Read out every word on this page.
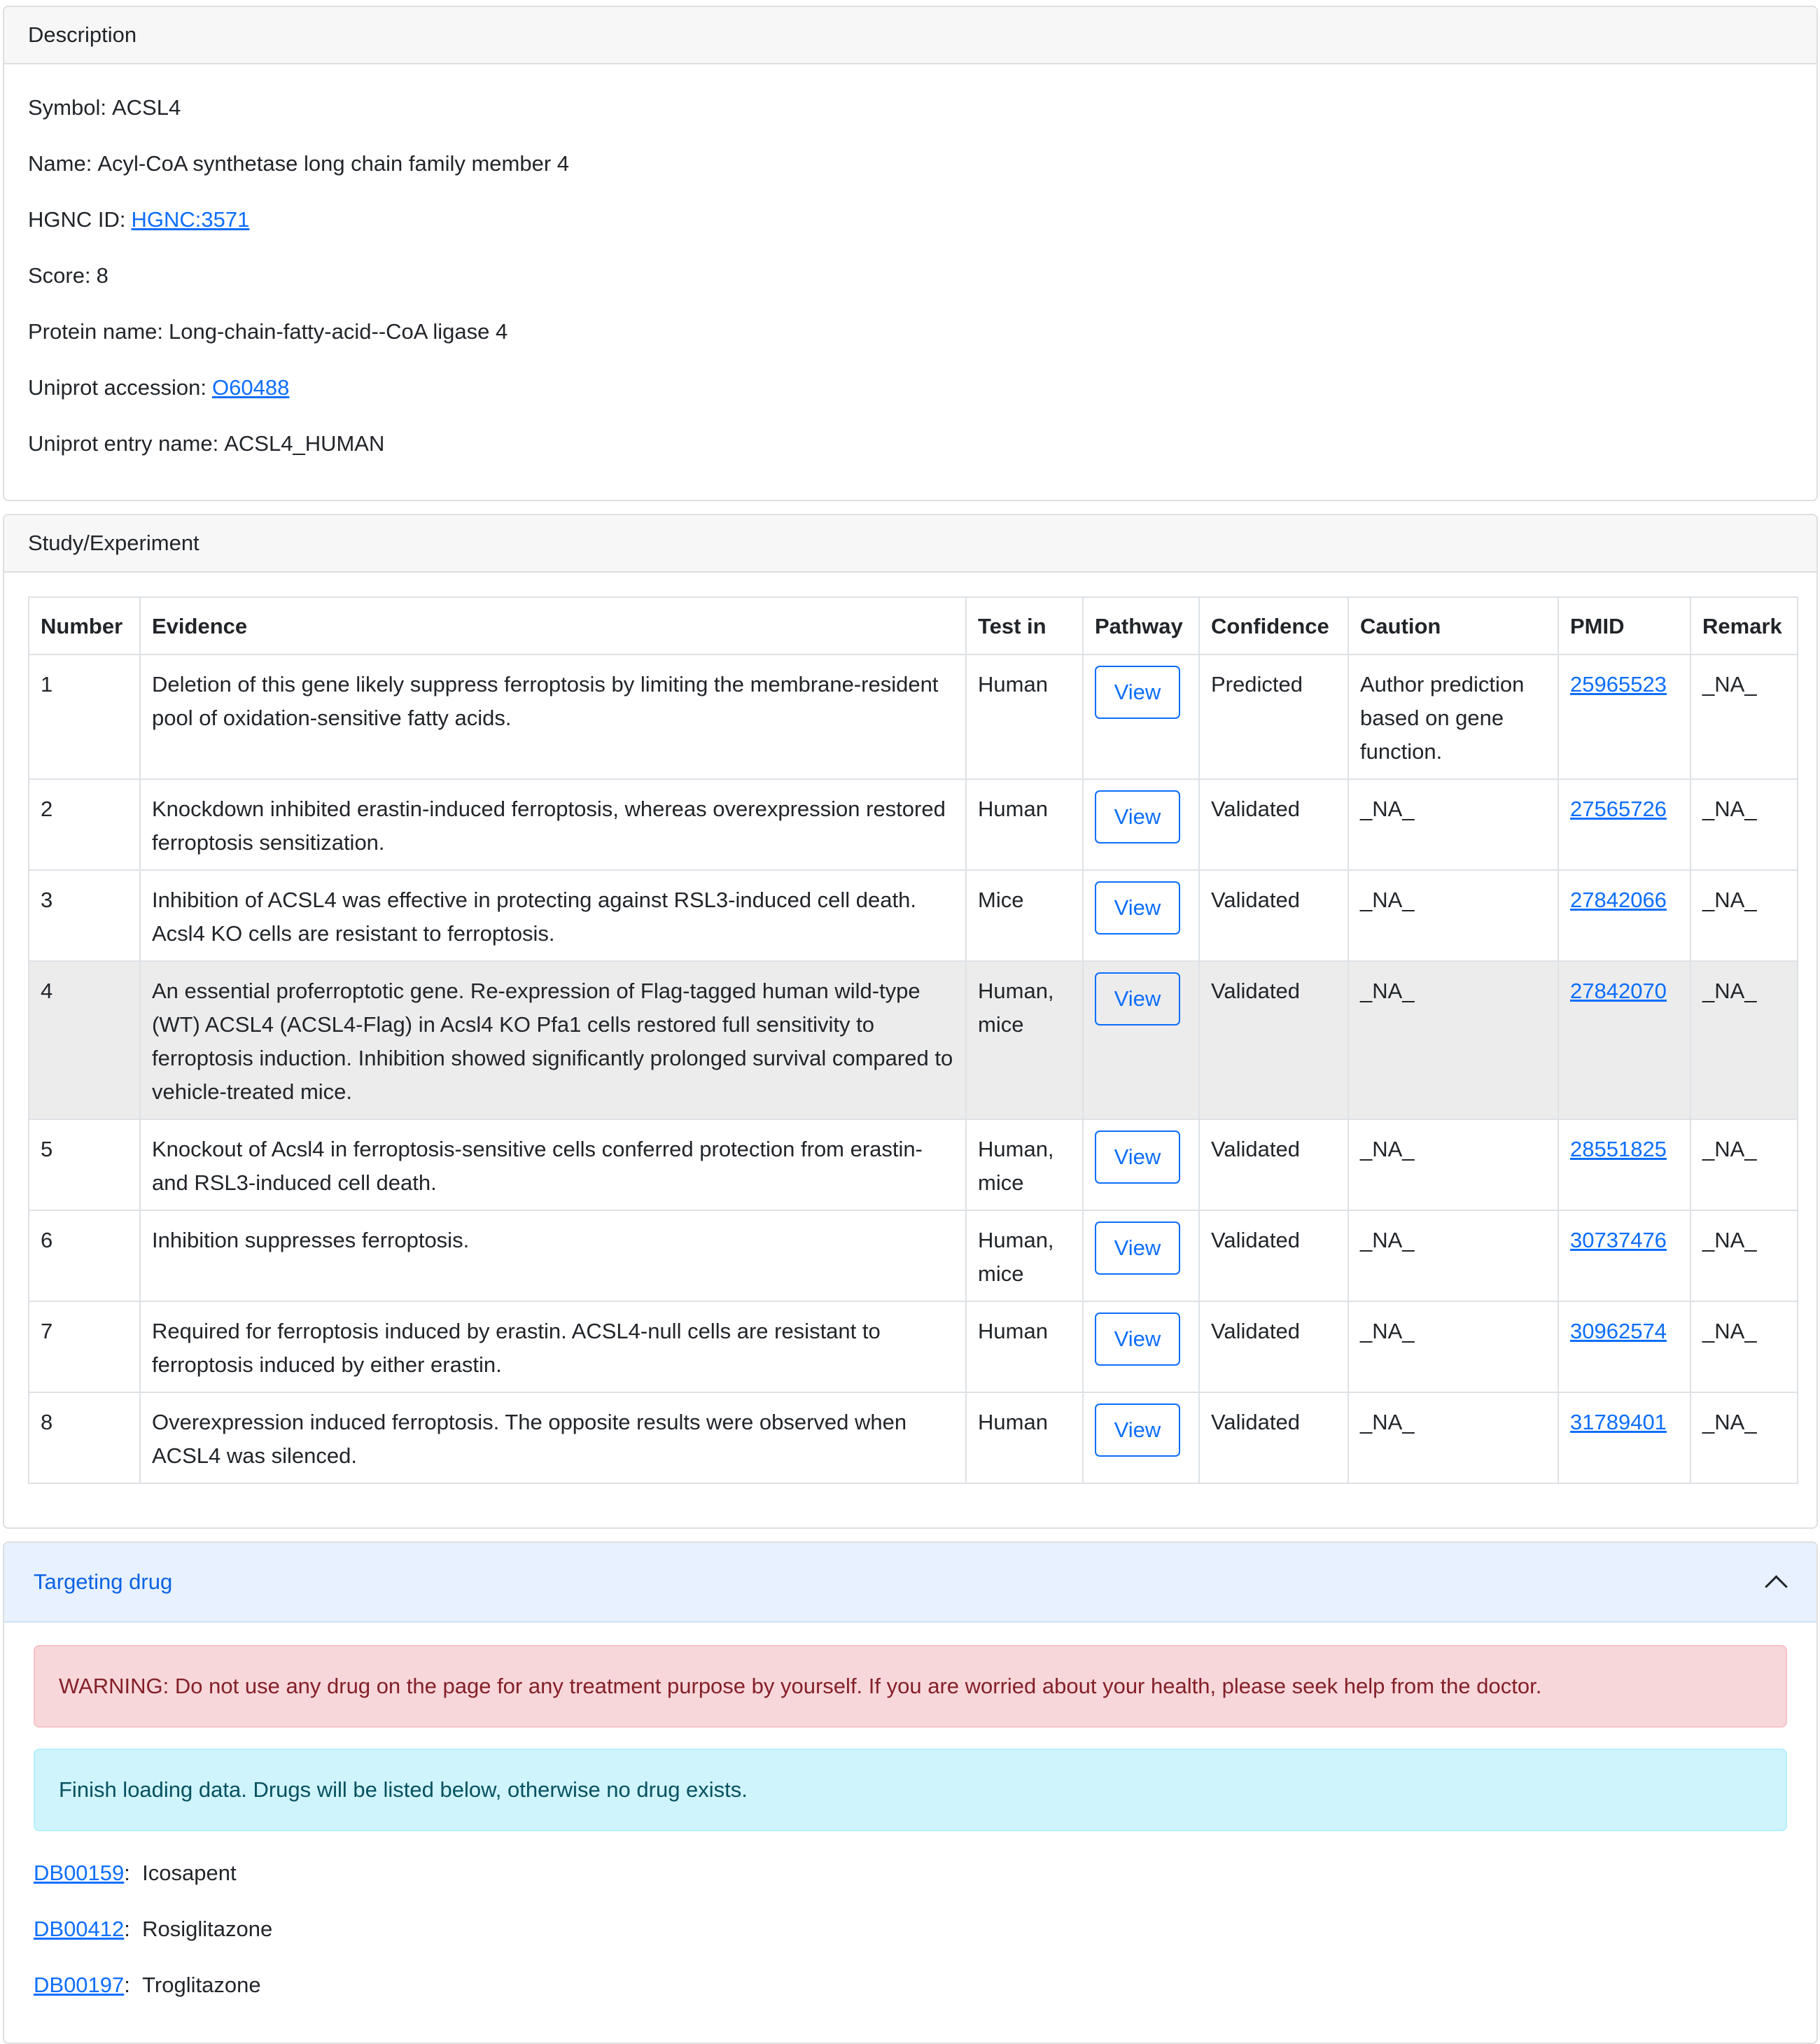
Description
Symbol: ACSL4
Name: Acyl-CoA synthetase long chain family member 4
HGNC ID: HGNC:3571
Score: 8
Protein name: Long-chain-fatty-acid--CoA ligase 4
Uniprot accession: O60488
Uniprot entry name: ACSL4_HUMAN
Study/Experiment
Number	Evidence	Test in	Pathway	Confidence	Caution	PMID	Remark
1	Deletion of this gene likely suppress ferroptosis by limiting the membrane-resident pool of oxidation-sensitive fatty acids.	Human	View	Predicted	Author prediction based on gene function.	25965523	_NA_
2	Knockdown inhibited erastin-induced ferroptosis, whereas overexpression restored ferroptosis sensitization.	Human	View	Validated	_NA_	27565726	_NA_
3	Inhibition of ACSL4 was effective in protecting against RSL3-induced cell death. Acsl4 KO cells are resistant to ferroptosis.	Mice	View	Validated	_NA_	27842066	_NA_
4	An essential proferroptotic gene. Re-expression of Flag-tagged human wild-type (WT) ACSL4 (ACSL4-Flag) in Acsl4 KO Pfa1 cells restored full sensitivity to ferroptosis induction. Inhibition showed significantly prolonged survival compared to vehicle-treated mice.	Human, mice	View	Validated	_NA_	27842070	_NA_
5	Knockout of Acsl4 in ferroptosis-sensitive cells conferred protection from erastin- and RSL3-induced cell death.	Human, mice	View	Validated	_NA_	28551825	_NA_
6	Inhibition suppresses ferroptosis.	Human, mice	View	Validated	_NA_	30737476	_NA_
7	Required for ferroptosis induced by erastin. ACSL4-null cells are resistant to ferroptosis induced by either erastin.	Human	View	Validated	_NA_	30962574	_NA_
8	Overexpression induced ferroptosis. The opposite results were observed when ACSL4 was silenced.	Human	View	Validated	_NA_	31789401	_NA_
Targeting drug
WARNING: Do not use any drug on the page for any treatment purpose by yourself. If you are worried about your health, please seek help from the doctor.
Finish loading data. Drugs will be listed below, otherwise no drug exists.
DB00159 : Icosapent
DB00412 : Rosiglitazone
DB00197 : Troglitazone
